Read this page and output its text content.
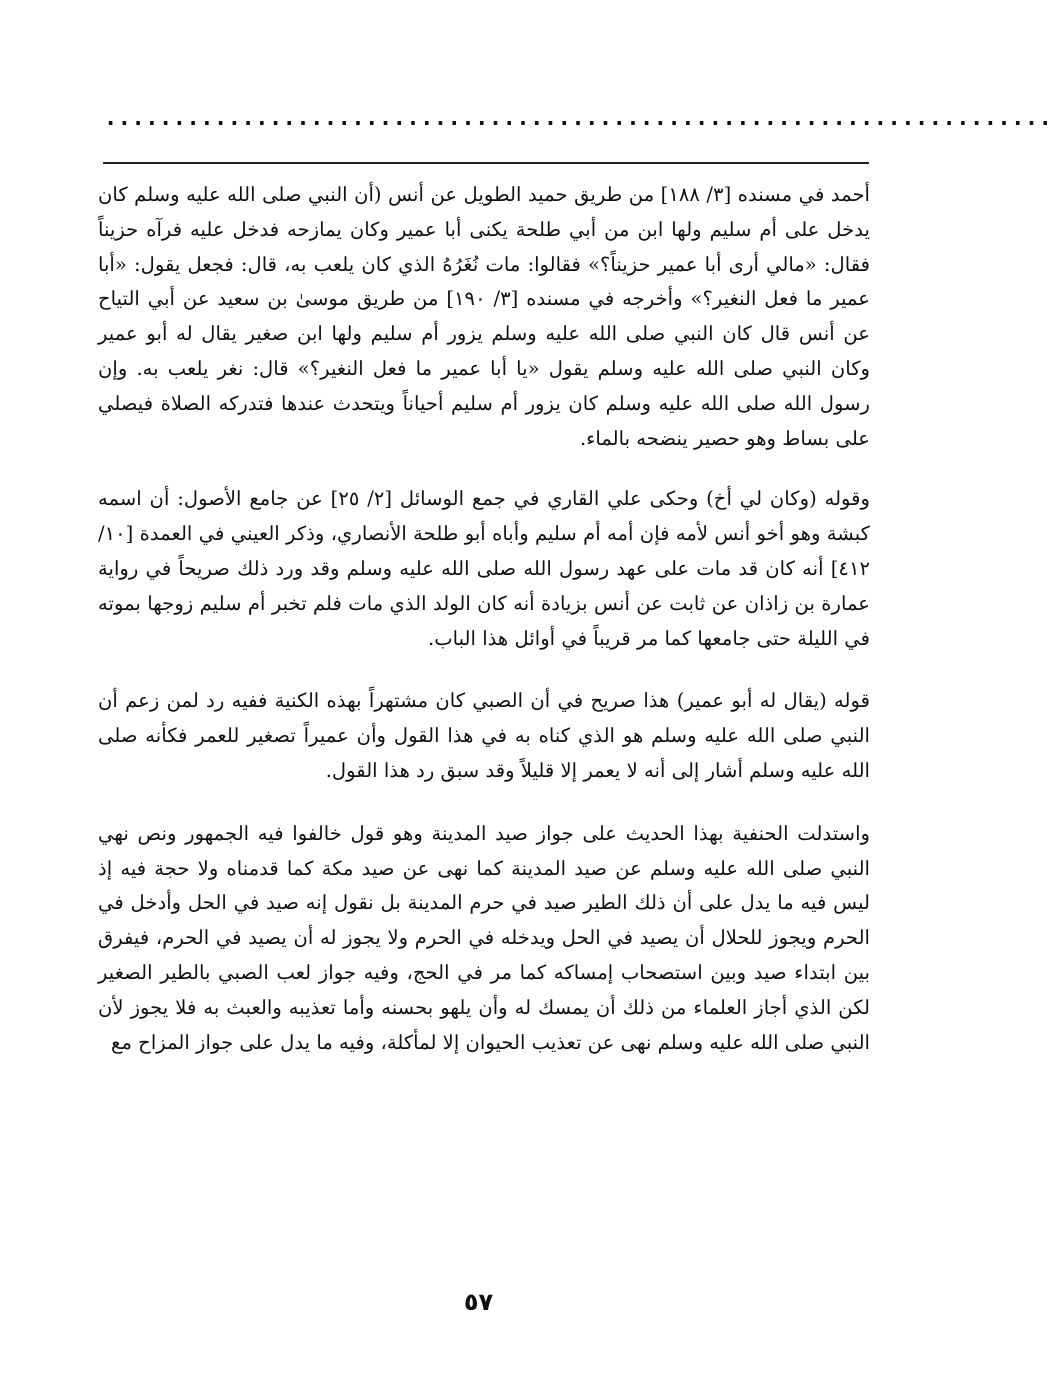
.....................................................................

أحمد في مسنده [٣/ ١٨٨] من طريق حميد الطويل عن أنس (أن النبي صلى الله عليه وسلم كان يدخل على أم سليم ولها ابن من أبي طلحة يكنى أبا عمير وكان يمازحه فدخل عليه فرآه حزيناً فقال: «مالي أرى أبا عمير حزيناً؟» فقالوا: مات نُغَرُهُ الذي كان يلعب به، قال: فجعل يقول: «أبا عمير ما فعل النغير؟» وأخرجه في مسنده [٣/ ١٩٠] من طريق موسىٰ بن سعيد عن أبي التياح عن أنس قال كان النبي صلى الله عليه وسلم يزور أم سليم ولها ابن صغير يقال له أبو عمير وكان النبي صلى الله عليه وسلم يقول «يا أبا عمير ما فعل النغير؟» قال: نغر يلعب به. وإن رسول الله صلى الله عليه وسلم كان يزور أم سليم أحياناً ويتحدث عندها فتدركه الصلاة فيصلي على بساط وهو حصير ينضحه بالماء.

وقوله (وكان لي أخ) وحكى علي القاري في جمع الوسائل [٢/ ٢٥] عن جامع الأصول: أن اسمه كبشة وهو أخو أنس لأمه فإن أمه أم سليم وأباه أبو طلحة الأنصاري، وذكر العيني في العمدة [١٠/ ٤١٢] أنه كان قد مات على عهد رسول الله صلى الله عليه وسلم وقد ورد ذلك صريحاً في رواية عمارة بن زاذان عن ثابت عن أنس بزيادة أنه كان الولد الذي مات فلم تخبر أم سليم زوجها بموته في الليلة حتى جامعها كما مر قريباً في أوائل هذا الباب.

قوله (يقال له أبو عمير) هذا صريح في أن الصبي كان مشتهراً بهذه الكنية ففيه رد لمن زعم أن النبي صلى الله عليه وسلم هو الذي كناه به في هذا القول وأن عميراً تصغير للعمر فكأنه صلى الله عليه وسلم أشار إلى أنه لا يعمر إلا قليلاً وقد سبق رد هذا القول.

واستدلت الحنفية بهذا الحديث على جواز صيد المدينة وهو قول خالفوا فيه الجمهور ونص نهي النبي صلى الله عليه وسلم عن صيد المدينة كما نهى عن صيد مكة كما قدمناه ولا حجة فيه إذ ليس فيه ما يدل على أن ذلك الطير صيد في حرم المدينة بل نقول إنه صيد في الحل وأدخل في الحرم ويجوز للحلال أن يصيد في الحل ويدخله في الحرم ولا يجوز له أن يصيد في الحرم، فيفرق بين ابتداء صيد وبين استصحاب إمساكه كما مر في الحج، وفيه جواز لعب الصبي بالطير الصغير لكن الذي أجاز العلماء من ذلك أن يمسك له وأن يلهو بحسنه وأما تعذيبه والعبث به فلا يجوز لأن النبي صلى الله عليه وسلم نهى عن تعذيب الحيوان إلا لمأكلة، وفيه ما يدل على جواز المزاح مع

٥٧
